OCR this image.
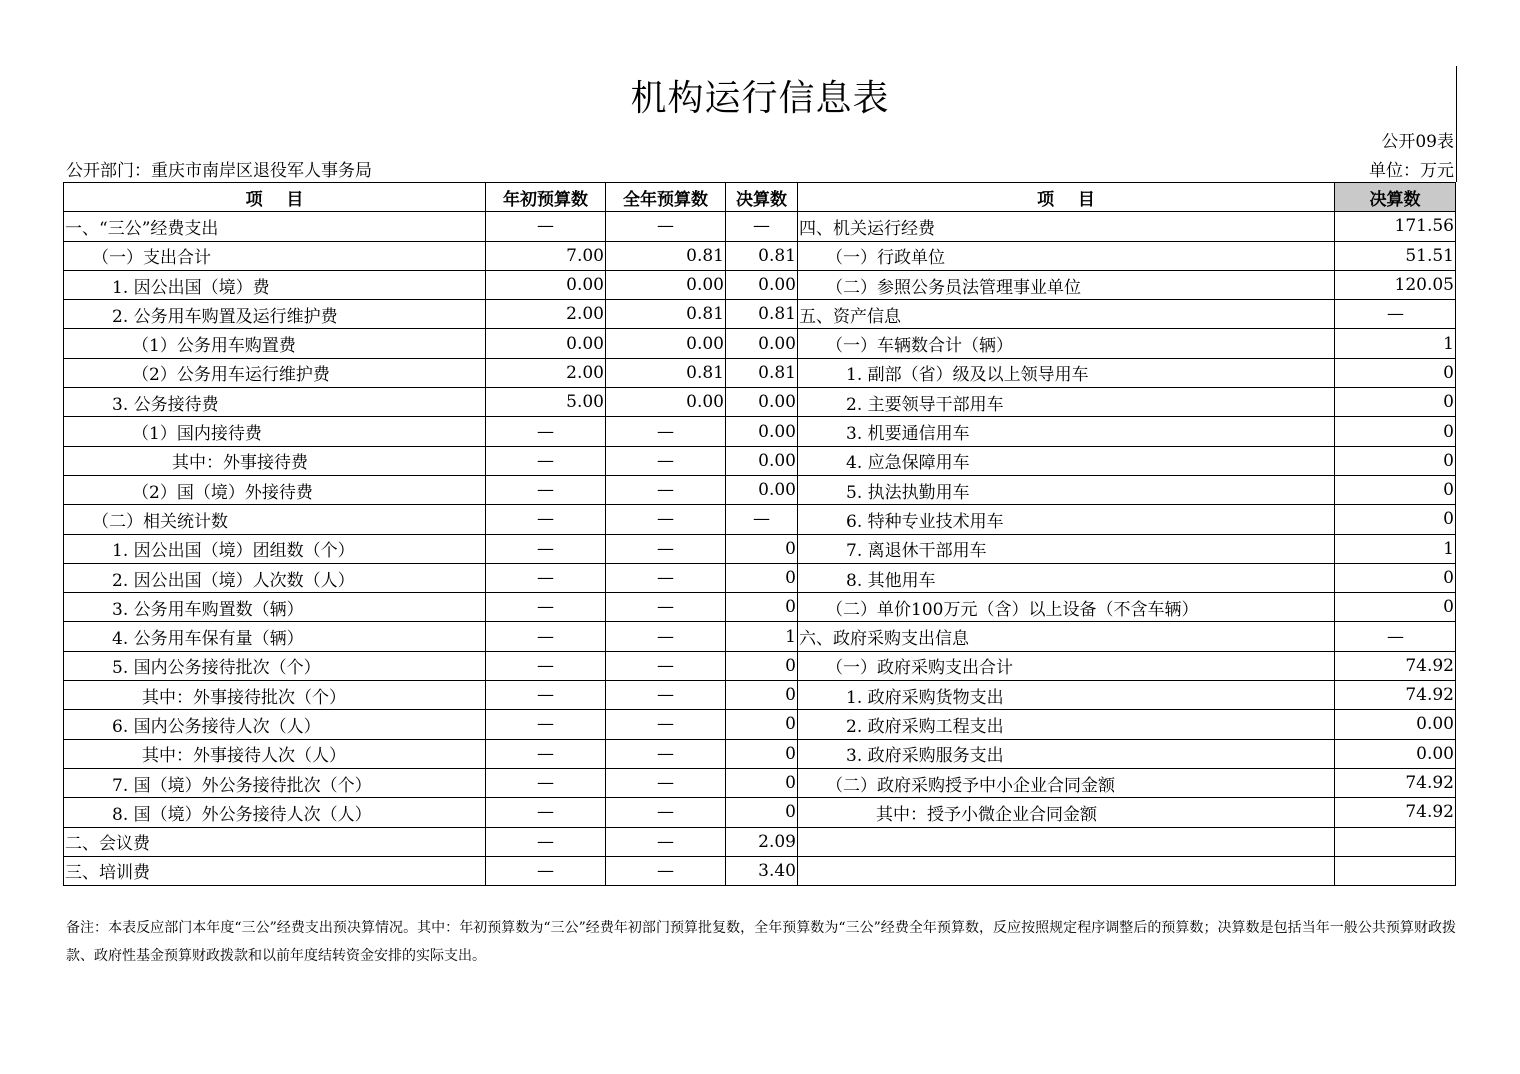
机构运行信息表
公开09表
公开部门：重庆市南岸区退役军人事务局	单位：万元
项    目	年初预算数	全年预算数	决算数	项    目	决算数
一、“三公”经费支出	—	—	—	四、机关运行经费	171.56
（一）支出合计	7.00	0.81	0.81	（一）行政单位	51.51
1. 因公出国（境）费	0.00	0.00	0.00	（二）参照公务员法管理事业单位	120.05
2. 公务用车购置及运行维护费	2.00	0.81	0.81	五、资产信息	—
（1）公务用车购置费	0.00	0.00	0.00	（一）车辆数合计（辆）	1
（2）公务用车运行维护费	2.00	0.81	0.81	1. 副部（省）级及以上领导用车	0
3. 公务接待费	5.00	0.00	0.00	2. 主要领导干部用车	0
（1）国内接待费	—	—	0.00	3. 机要通信用车	0
其中：外事接待费	—	—	0.00	4. 应急保障用车	0
（2）国（境）外接待费	—	—	0.00	5. 执法执勤用车	0
（二）相关统计数	—	—	—	6. 特种专业技术用车	0
1. 因公出国（境）团组数（个）	—	—	0	7. 离退休干部用车	1
2. 因公出国（境）人次数（人）	—	—	0	8. 其他用车	0
3. 公务用车购置数（辆）	—	—	0	（二）单价100万元（含）以上设备（不含车辆）	0
4. 公务用车保有量（辆）	—	—	1	六、政府采购支出信息	—
5. 国内公务接待批次（个）	—	—	0	（一）政府采购支出合计	74.92
其中：外事接待批次（个）	—	—	0	1. 政府采购货物支出	74.92
6. 国内公务接待人次（人）	—	—	0	2. 政府采购工程支出	0.00
其中：外事接待人次（人）	—	—	0	3. 政府采购服务支出	0.00
7. 国（境）外公务接待批次（个）	—	—	0	（二）政府采购授予中小企业合同金额	74.92
8. 国（境）外公务接待人次（人）	—	—	0	其中：授予小微企业合同金额	74.92
二、会议费	—	—	2.09		
三、培训费	—	—	3.40		
备注：本表反应部门本年度“三公”经费支出预决算情况。其中：年初预算数为“三公”经费年初部门预算批复数，全年预算数为“三公”经费全年预算数，反应按照规定程序调整后的预算数；决算数是包括当年一般公共预算财政拨款、政府性基金预算财政拨款和以前年度结转资金安排的实际支出。
